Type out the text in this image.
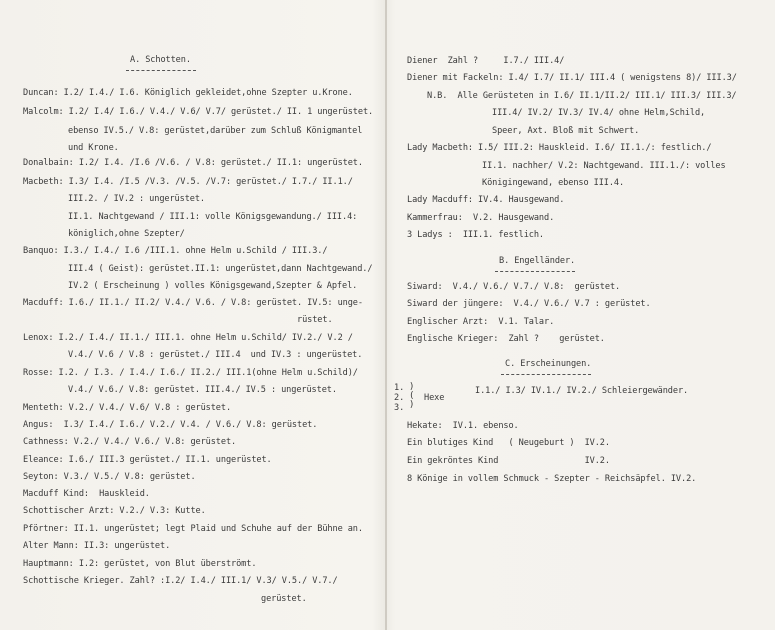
A. Schotten.
Duncan: I.2/ I.4./ I.6. Königlich gekleidet,ohne Szepter u.Krone.
Malcolm: I.2/ I.4/ I.6./ V.4./ V.6/ V.7/ gerüstet./ II. 1 ungerüstet.
ebenso IV.5./ V.8: gerüstet,darüber zum Schluß Königmantel
und Krone.
Donalbain: I.2/ I.4. /I.6 /V.6. / V.8: gerüstet./ II.1: ungerüstet.
Macbeth: I.3/ I.4. /I.5 /V.3. /V.5. /V.7: gerüstet./ I.7./ II.1./
III.2. / IV.2 : ungerüstet.
II.1. Nachtgewand / III.1: volle Königsgewandung./ III.4:
königlich,ohne Szepter/
Banquo: I.3./ I.4./ I.6 /III.1. ohne Helm u.Schild / III.3./
III.4 ( Geist): gerüstet.II.1: ungerüstet,dann Nachtgewand./
IV.2 ( Erscheinung ) volles Königsgewand,Szepter & Apfel.
Macduff: I.6./ II.1./ II.2/ V.4./ V.6. / V.8: gerüstet. IV.5: unge-
rüstet.
Lenox: I.2./ I.4./ II.1./ III.1. ohne Helm u.Schild/ IV.2./ V.2 /
V.4./ V.6 / V.8 : gerüstet./ III.4  und IV.3 : ungerüstet.
Rosse: I.2. / I.3. / I.4./ I.6./ II.2./ III.1(ohne Helm u.Schild)/
V.4./ V.6./ V.8: gerüstet. III.4./ IV.5 : ungerüstet.
Menteth: V.2./ V.4./ V.6/ V.8 : gerüstet.
Angus:  I.3/ I.4./ I.6./ V.2./ V.4. / V.6./ V.8: gerüstet.
Cathness: V.2./ V.4./ V.6./ V.8: gerüstet.
Eleance: I.6./ III.3 gerüstet./ II.1. ungerüstet.
Seyton: V.3./ V.5./ V.8: gerüstet.
Macduff Kind:  Hauskleid.
Schottischer Arzt: V.2./ V.3: Kutte.
Pförtner: II.1. ungerüstet; legt Plaid und Schuhe auf der Bühne an.
Alter Mann: II.3: ungerüstet.
Hauptmann: I.2: gerüstet, von Blut überströmt.
Schottische Krieger. Zahl? :I.2/ I.4./ III.1/ V.3/ V.5./ V.7./
gerüstet.
Diener  Zahl ?     I.7./ III.4/
Diener mit Fackeln: I.4/ I.7/ II.1/ III.4 ( wenigstens 8)/ III.3/
N.B.  Alle Gerüsteten in I.6/ II.1/II.2/ III.1/ III.3/ III.3/
III.4/ IV.2/ IV.3/ IV.4/ ohne Helm,Schild,
Speer, Axt. Bloß mit Schwert.
Lady Macbeth: I.5/ III.2: Hauskleid. I.6/ II.1./: festlich./
II.1. nachher/ V.2: Nachtgewand. III.1./: volles
Königingewand, ebenso III.4.
Lady Macduff: IV.4. Hausgewand.
Kammerfrau:  V.2. Hausgewand.
3 Ladys :  III.1. festlich.
B. Engelländer.
Siward:  V.4./ V.6./ V.7./ V.8:  gerüstet.
Siward der jüngere:  V.4./ V.6./ V.7 : gerüstet.
Englischer Arzt:  V.1. Talar.
Englische Krieger:  Zahl ?    gerüstet.
C. Erscheinungen.
1.
2.
3.
)
(
)
Hexe
I.1./ I.3/ IV.1./ IV.2./ Schleiergewänder.
Hekate:  IV.1. ebenso.
Ein blutiges Kind   ( Neugeburt )  IV.2.
Ein gekröntes Kind                 IV.2.
8 Könige in vollem Schmuck - Szepter - Reichsäpfel. IV.2.
